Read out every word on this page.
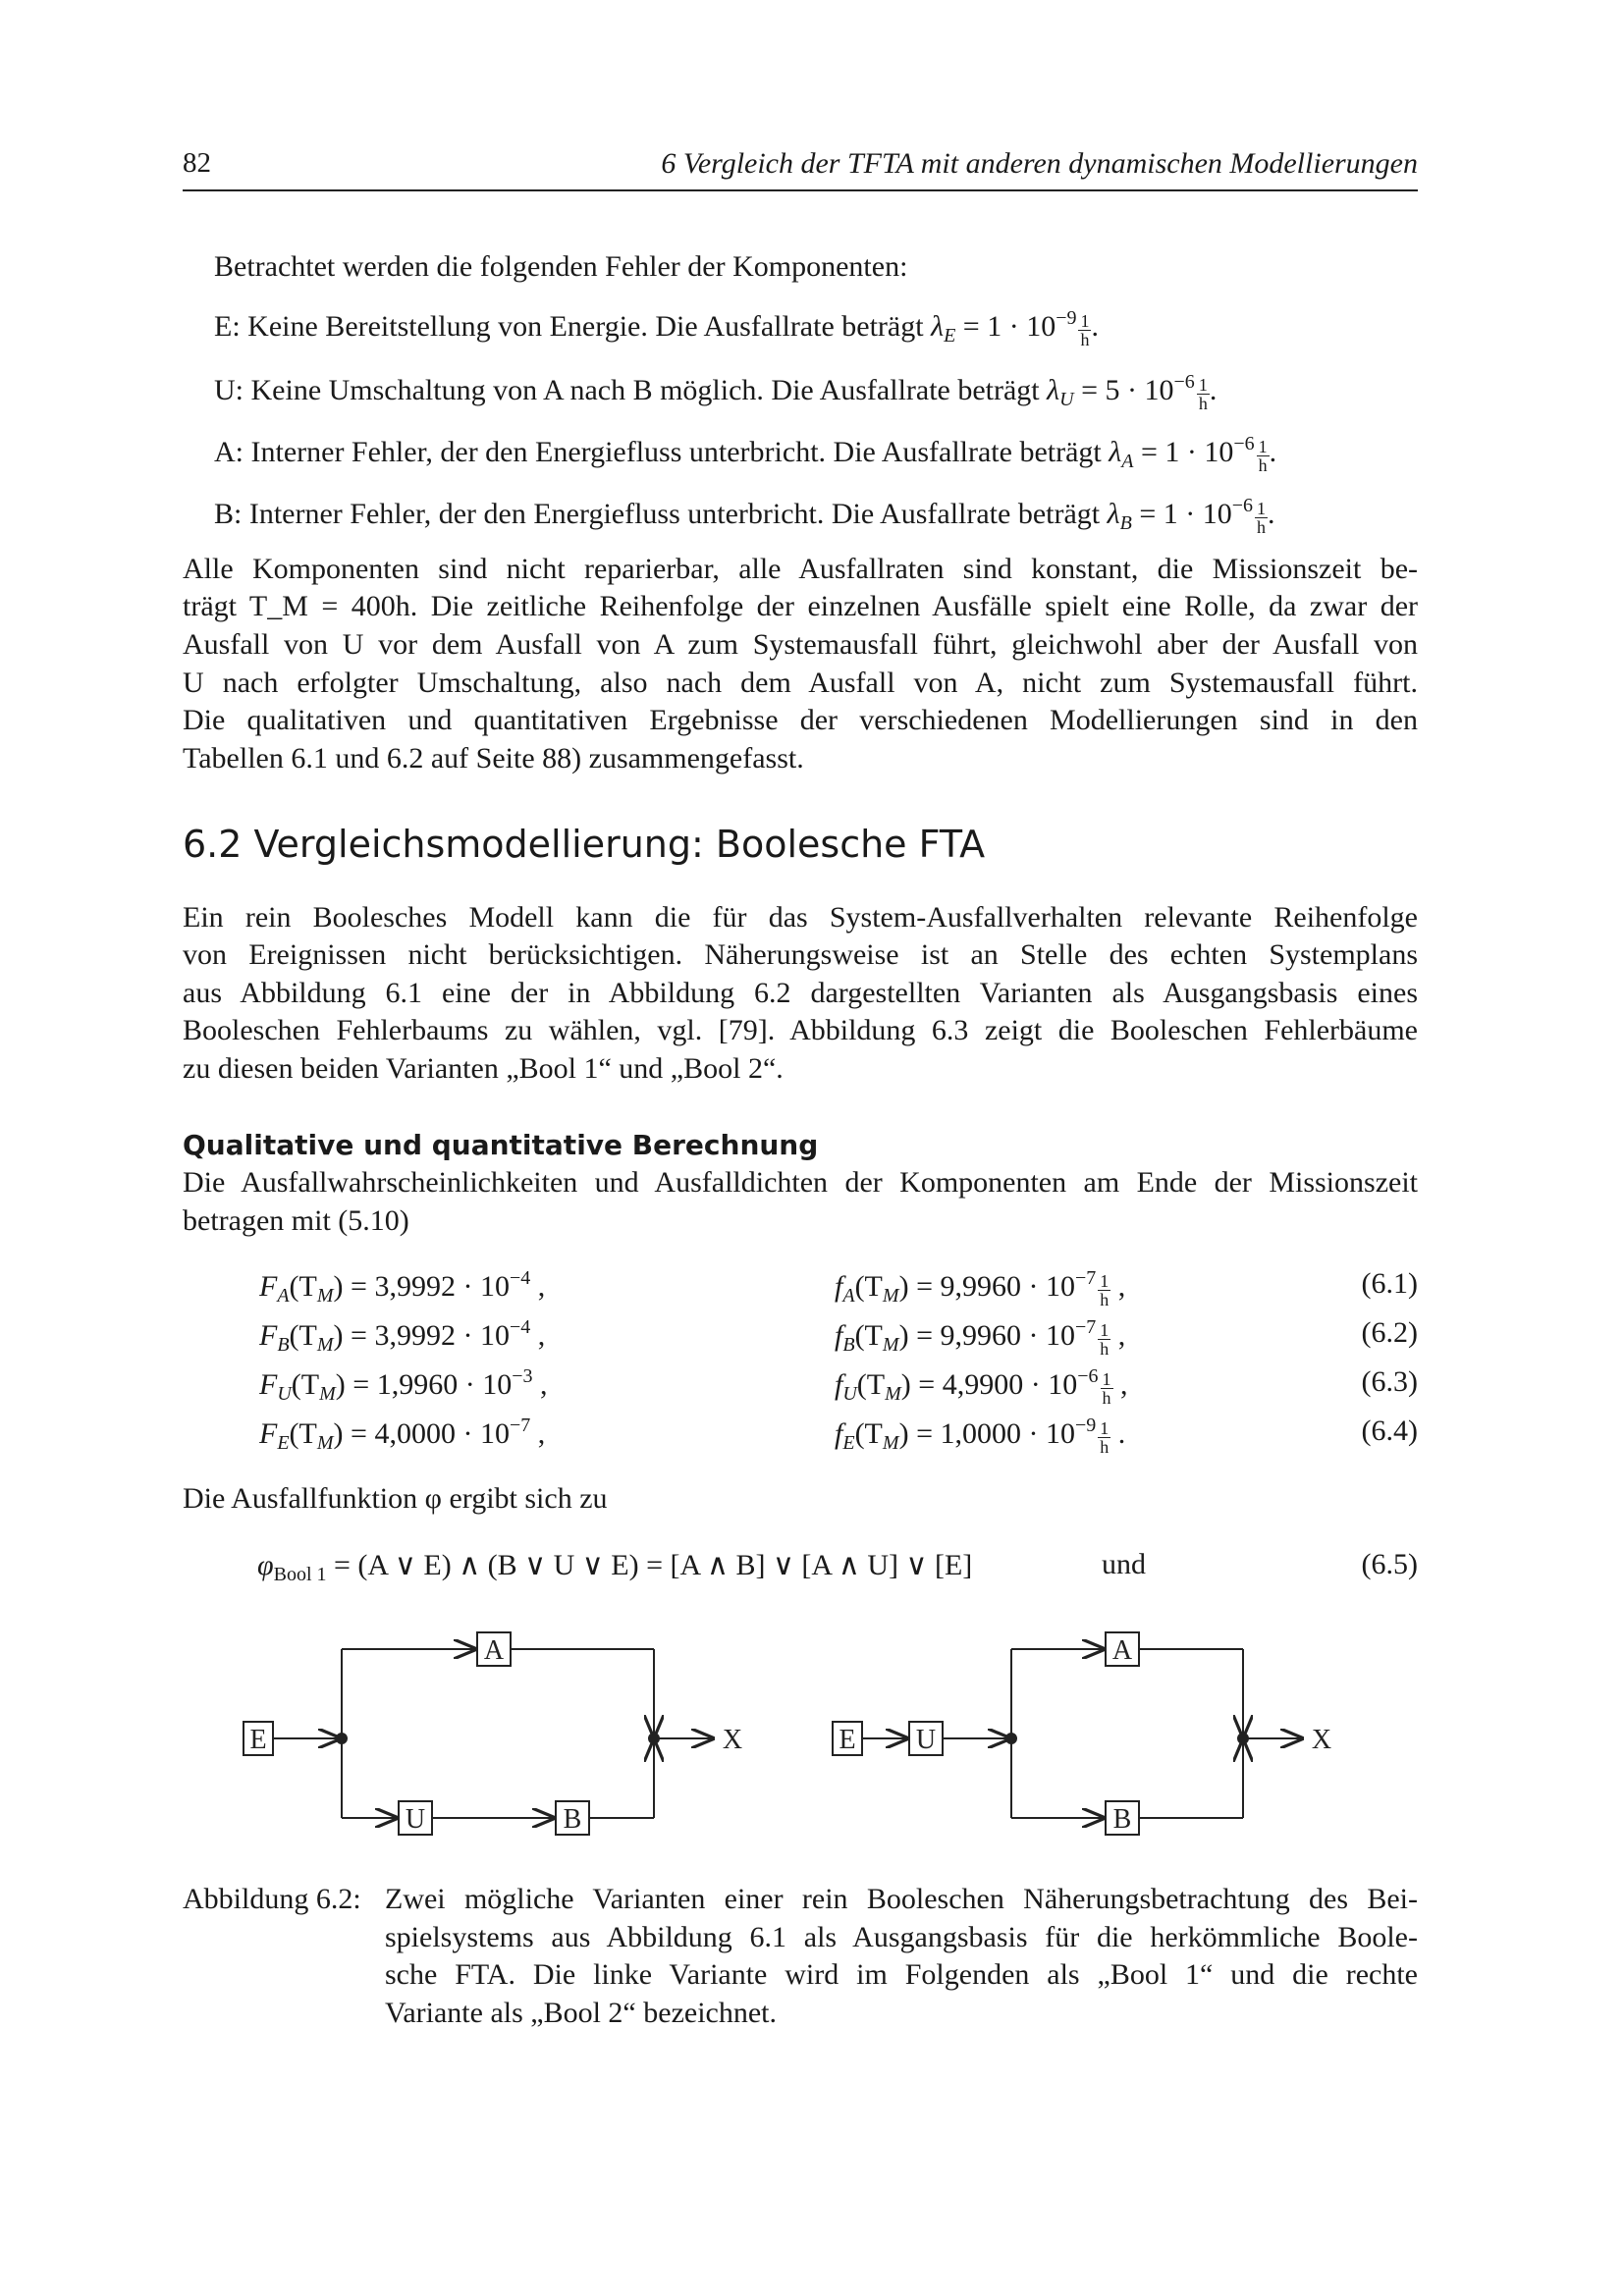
82	6 Vergleich der TFTA mit anderen dynamischen Modellierungen
Betrachtet werden die folgenden Fehler der Komponenten:
E: Keine Bereitstellung von Energie. Die Ausfallrate beträgt $\lambda_E = 1 \cdot 10^{-9} \frac{1}{h}$ .
U: Keine Umschaltung von A nach B möglich. Die Ausfallrate beträgt $\lambda_U = 5 \cdot 10^{-6} \frac{1}{h}$ .
A: Interner Fehler, der den Energiefluss unterbricht. Die Ausfallrate beträgt $\lambda_A = 1 \cdot 10^{-6} \frac{1}{h}$ .
B: Interner Fehler, der den Energiefluss unterbricht. Die Ausfallrate beträgt $\lambda_B = 1 \cdot 10^{-6} \frac{1}{h}$ .
Alle Komponenten sind nicht reparierbar, alle Ausfallraten sind konstant, die Missionszeit be-
trägt T_M = 400h. Die zeitliche Reihenfolge der einzelnen Ausfälle spielt eine Rolle, da zwar der
Ausfall von U vor dem Ausfall von A zum Systemausfall führt, gleichwohl aber der Ausfall von
U nach erfolgter Umschaltung, also nach dem Ausfall von A, nicht zum Systemausfall führt.
Die qualitativen und quantitativen Ergebnisse der verschiedenen Modellierungen sind in den
Tabellen 6.1 und 6.2 auf Seite 88) zusammengefasst.
6.2 Vergleichsmodellierung: Boolesche FTA
Ein rein Boolesches Modell kann die für das System-Ausfallverhalten relevante Reihenfolge
von Ereignissen nicht berücksichtigen. Näherungsweise ist an Stelle des echten Systemplans
aus Abbildung 6.1 eine der in Abbildung 6.2 dargestellten Varianten als Ausgangsbasis eines
Booleschen Fehlerbaums zu wählen, vgl. [79]. Abbildung 6.3 zeigt die Booleschen Fehlerbäume
zu diesen beiden Varianten „Bool 1“ und „Bool 2“.
Qualitative und quantitative Berechnung
Die Ausfallwahrscheinlichkeiten und Ausfalldichten der Komponenten am Ende der Missionszeit
betragen mit (5.10)
$F_A(T_M) = 3,9992 \cdot 10^{-4}$ ,	$f_A(T_M) = 9,9960 \cdot 10^{-7} \frac{1}{h}$ ,	(6.1)
$F_B(T_M) = 3,9992 \cdot 10^{-4}$ ,	$f_B(T_M) = 9,9960 \cdot 10^{-7} \frac{1}{h}$ ,	(6.2)
$F_U(T_M) = 1,9960 \cdot 10^{-3}$ ,	$f_U(T_M) = 4,9900 \cdot 10^{-6} \frac{1}{h}$ ,	(6.3)
$F_E(T_M) = 4,0000 \cdot 10^{-7}$ ,	$f_E(T_M) = 1,0000 \cdot 10^{-9} \frac{1}{h}$ .	(6.4)
Die Ausfallfunktion φ ergibt sich zu
$\varphi_{Bool 1} = (A$ ∨ E) ∧ (B ∨ U ∨ E) = [A ∧ B] ∨ [A ∧ U] ∨ [E]	und	(6.5)
E
A
U	B
X	E U
A
B
X
Abbildung 6.2: Zwei mögliche Varianten einer rein Booleschen Näherungsbetrachtung des Bei-
spielsystems aus Abbildung 6.1 als Ausgangsbasis für die herkömmliche Boole-
sche FTA. Die linke Variante wird im Folgenden als „Bool 1“ und die rechte
Variante als „Bool 2“ bezeichnet.
